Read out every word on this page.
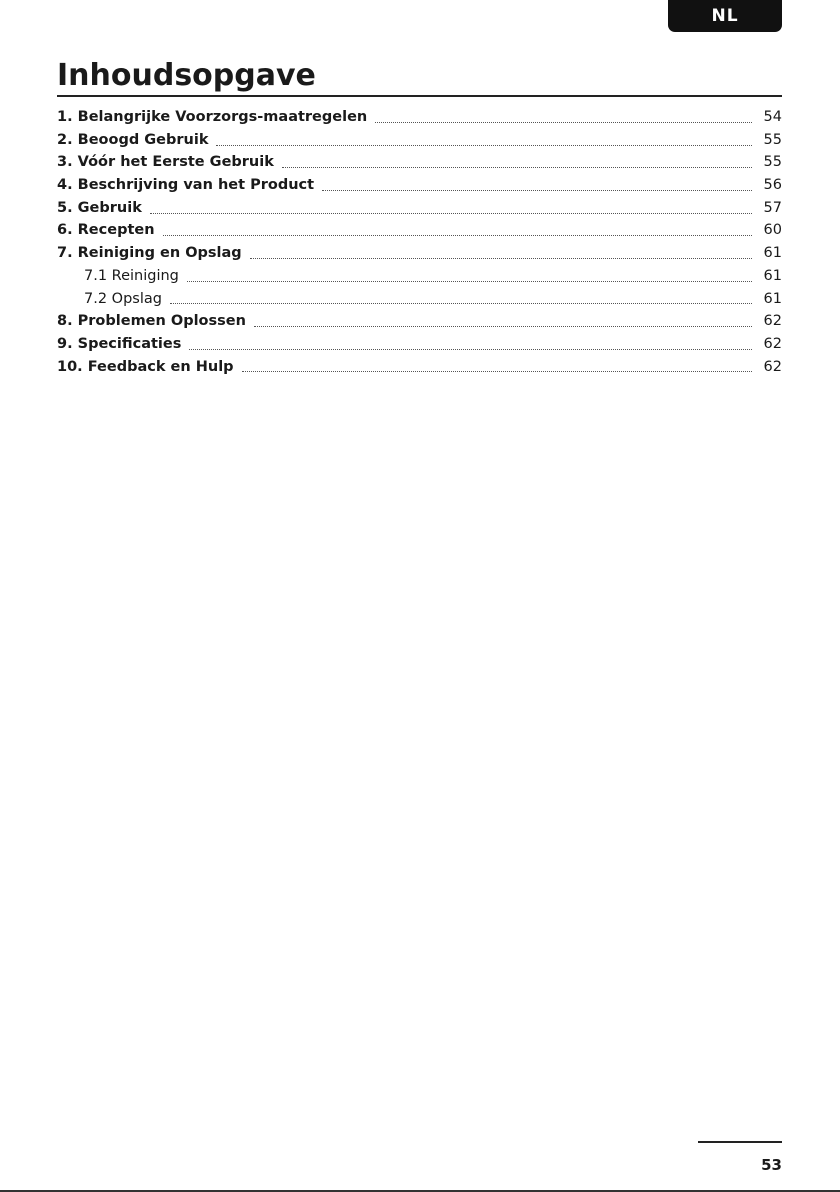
NL
Inhoudsopgave
1. Belangrijke Voorzorgs-maatregelen	54
2. Beoogd Gebruik	55
3. Vóór het Eerste Gebruik	55
4. Beschrijving van het Product	56
5. Gebruik	57
6. Recepten	60
7. Reiniging en Opslag	61
7.1 Reiniging	61
7.2 Opslag	61
8. Problemen Oplossen	62
9. Specificaties	62
10. Feedback en Hulp	62
53
